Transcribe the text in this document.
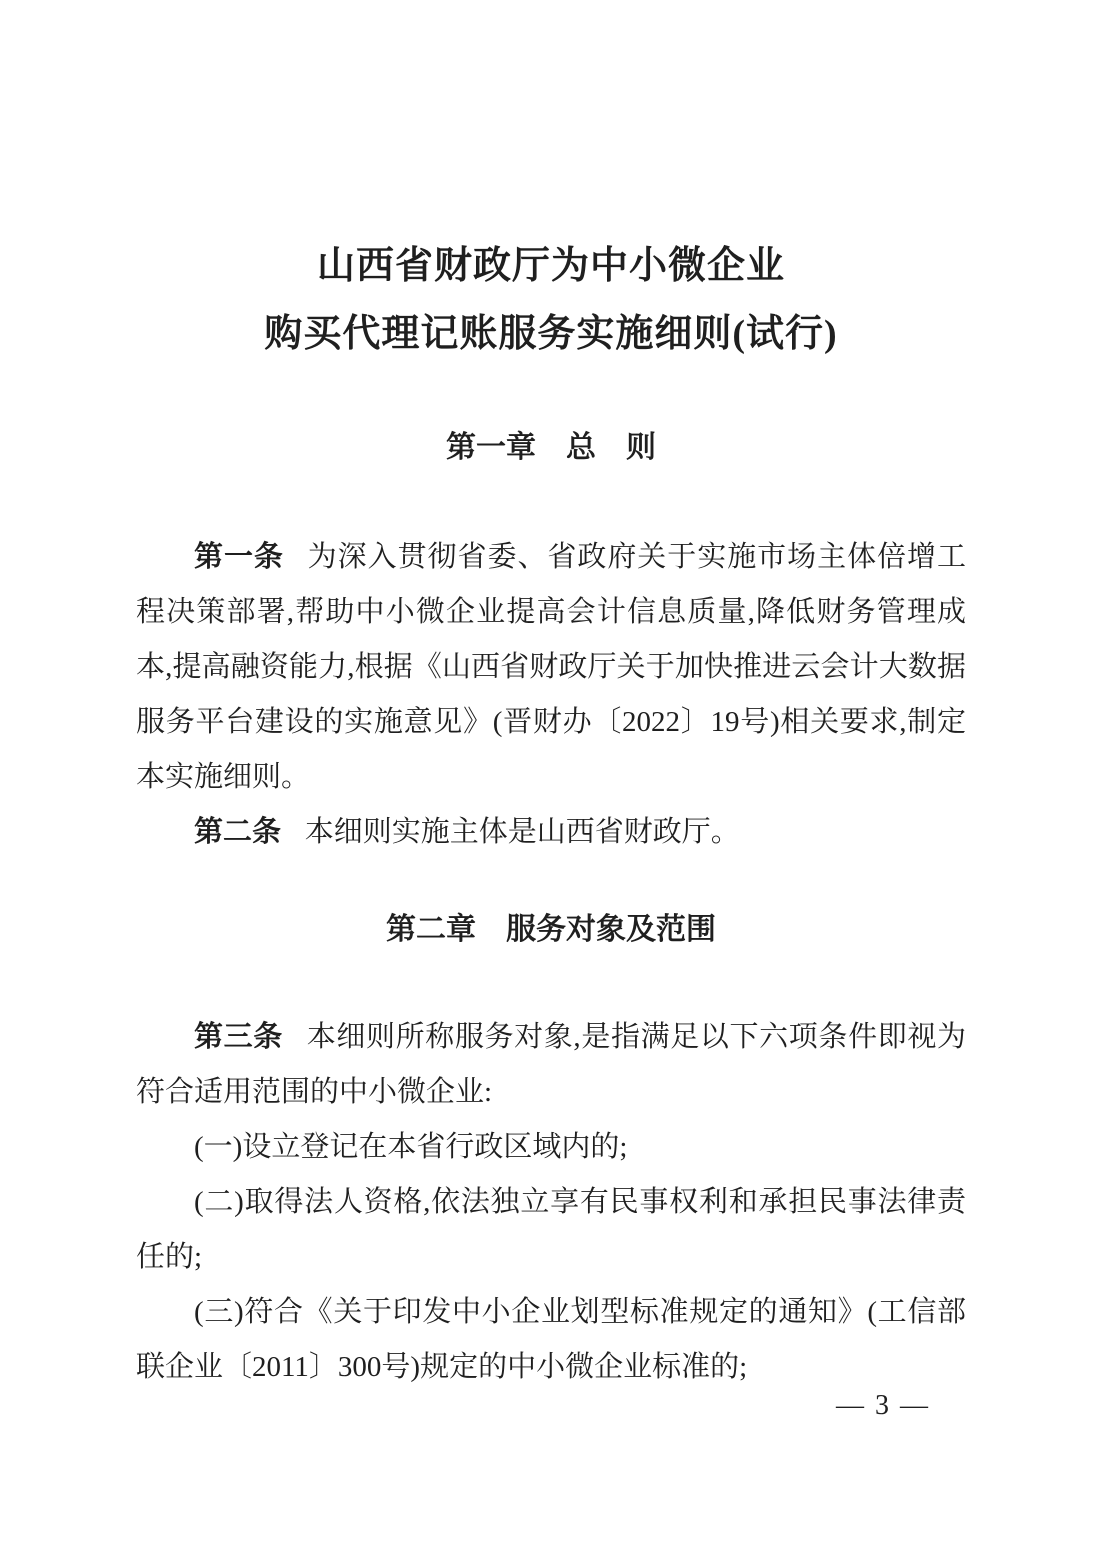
山西省财政厅为中小微企业
购买代理记账服务实施细则(试行)
第一章　总　则

第一条 为深入贯彻省委、省政府关于实施市场主体倍增工程决策部署,帮助中小微企业提高会计信息质量,降低财务管理成本,提高融资能力,根据《山西省财政厅关于加快推进云会计大数据服务平台建设的实施意见》(晋财办〔2022〕19号)相关要求,制定本实施细则。

第二条 本细则实施主体是山西省财政厅。

第二章　服务对象及范围

第三条 本细则所称服务对象,是指满足以下六项条件即视为符合适用范围的中小微企业:

(一)设立登记在本省行政区域内的;

(二)取得法人资格,依法独立享有民事权利和承担民事法律责任的;

(三)符合《关于印发中小企业划型标准规定的通知》(工信部联企业〔2011〕300号)规定的中小微企业标准的;

— 3 —
